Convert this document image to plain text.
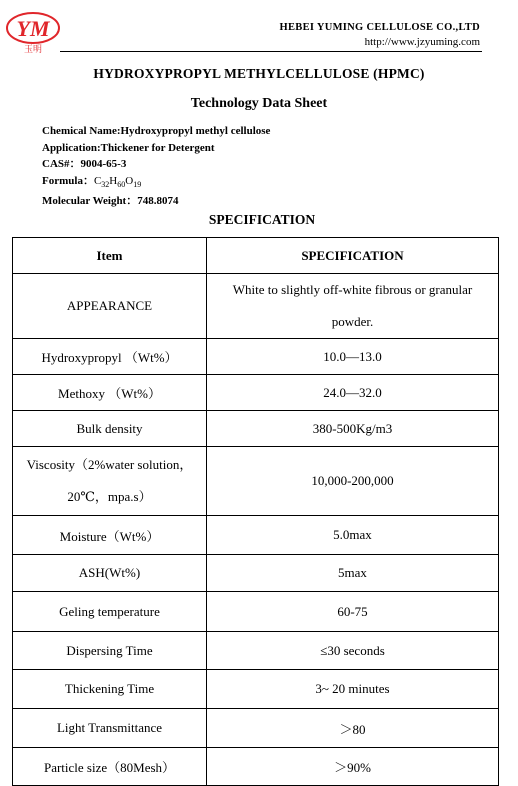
YM
玉明
HEBEI YUMING CELLULOSE CO.,LTD
http://www.jzyuming.com
HYDROXYPROPYL METHYLCELLULOSE (HPMC)
Technology Data Sheet
Chemical Name:Hydroxypropyl methyl cellulose
Application:Thickener for Detergent
CAS#：9004-65-3
Formula：$C_{32}H_{60}O_{19}$
Molecular Weight：748.8074
SPECIFICATION
Item	SPECIFICATION
APPEARANCE	White to slightly off-white fibrous or granular
powder.

Hydroxypropyl （Wt%）	10.0—13.0
Methoxy （Wt%）	24.0—32.0
Bulk density	380-500Kg/m3

Viscosity（2%water solution，
20℃，mpa.s）	10,000-200,000
Moisture（Wt%）	5.0max
ASH(Wt%)	5max
Geling temperature	60-75
Dispersing Time	≤30 seconds
Thickening Time	3~ 20 minutes
Light Transmittance	＞80
Particle size（80Mesh）	＞90%
